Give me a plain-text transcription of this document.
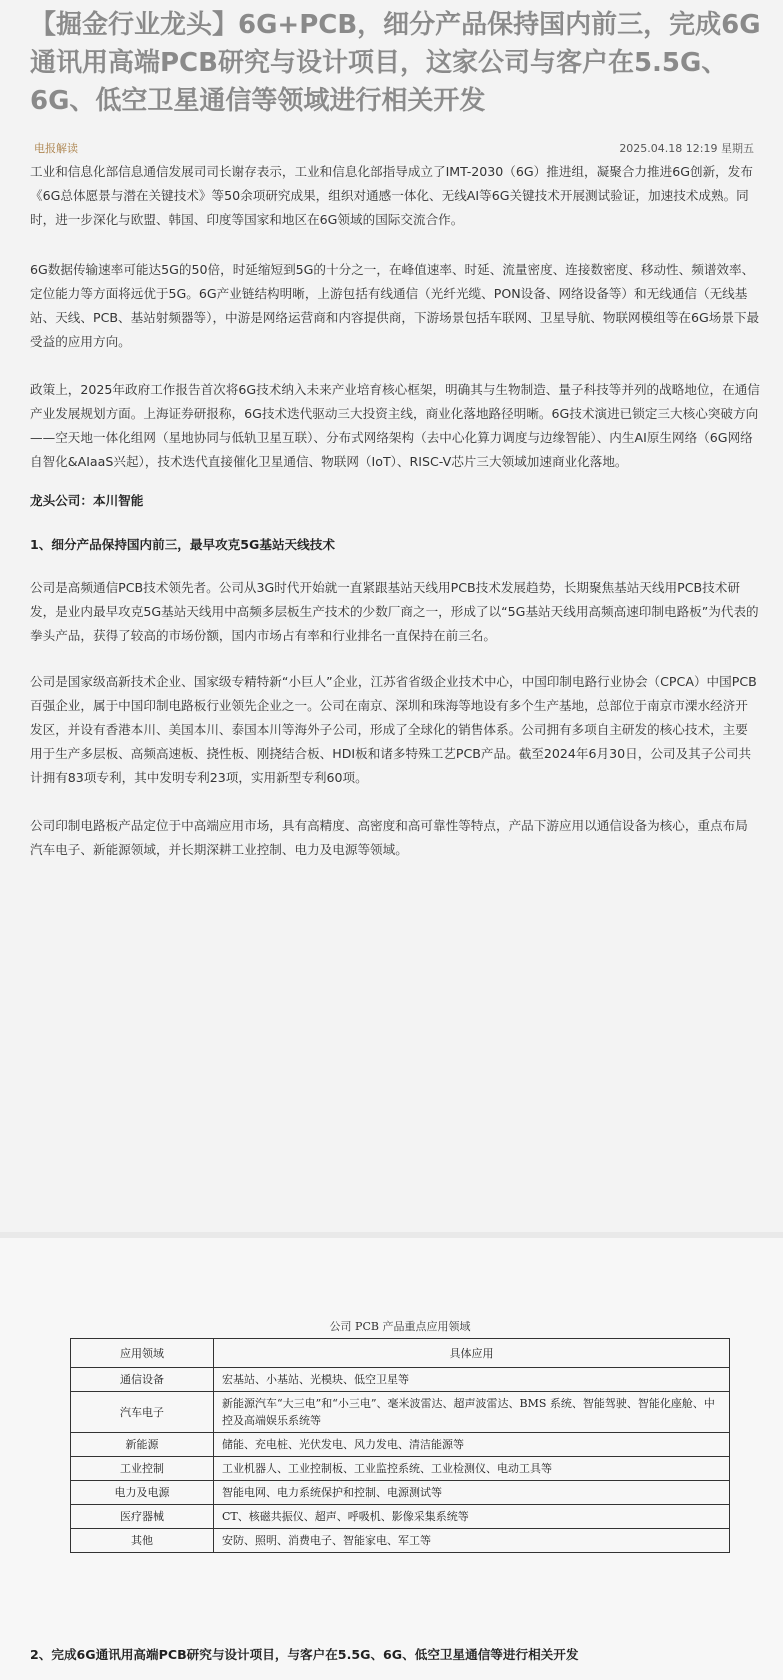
【掘金行业龙头】6G+PCB，细分产品保持国内前三，完成6G通讯用高端PCB研究与设计项目，这家公司与客户在5.5G、6G、低空卫星通信等领域进行相关开发
电报解读	2025.04.18 12:19 星期五

工业和信息化部信息通信发展司司长谢存表示，工业和信息化部指导成立了IMT-2030（6G）推进组，凝聚合力推进6G创新，发布《6G总体愿景与潜在关键技术》等50余项研究成果，组织对通感一体化、无线AI等6G关键技术开展测试验证，加速技术成熟。同时，进一步深化与欧盟、韩国、印度等国家和地区在6G领域的国际交流合作。

6G数据传输速率可能达5G的50倍，时延缩短到5G的十分之一，在峰值速率、时延、流量密度、连接数密度、移动性、频谱效率、定位能力等方面将远优于5G。6G产业链结构明晰，上游包括有线通信（光纤光缆、PON设备、网络设备等）和无线通信（无线基站、天线、PCB、基站射频器等），中游是网络运营商和内容提供商，下游场景包括车联网、卫星导航、物联网模组等在6G场景下最受益的应用方向。

政策上，2025年政府工作报告首次将6G技术纳入未来产业培育核心框架，明确其与生物制造、量子科技等并列的战略地位，在通信产业发展规划方面。上海证券研报称，6G技术迭代驱动三大投资主线，商业化落地路径明晰。6G技术演进已锁定三大核心突破方向——空天地一体化组网（星地协同与低轨卫星互联）、分布式网络架构（去中心化算力调度与边缘智能）、内生AI原生网络（6G网络自智化&AIaaS兴起），技术迭代直接催化卫星通信、物联网（IoT）、RISC-V芯片三大领域加速商业化落地。

龙头公司：本川智能

1、细分产品保持国内前三，最早攻克5G基站天线技术

公司是高频通信PCB技术领先者。公司从3G时代开始就一直紧跟基站天线用PCB技术发展趋势，长期聚焦基站天线用PCB技术研发，是业内最早攻克5G基站天线用中高频多层板生产技术的少数厂商之一，形成了以“5G基站天线用高频高速印制电路板”为代表的拳头产品，获得了较高的市场份额，国内市场占有率和行业排名一直保持在前三名。

公司是国家级高新技术企业、国家级专精特新“小巨人”企业，江苏省省级企业技术中心，中国印制电路行业协会（CPCA）中国PCB百强企业，属于中国印制电路板行业领先企业之一。公司在南京、深圳和珠海等地设有多个生产基地，总部位于南京市溧水经济开发区，并设有香港本川、美国本川、泰国本川等海外子公司，形成了全球化的销售体系。公司拥有多项自主研发的核心技术，主要用于生产多层板、高频高速板、挠性板、刚挠结合板、HDI板和诸多特殊工艺PCB产品。截至2024年6月30日，公司及其子公司共计拥有83项专利，其中发明专利23项，实用新型专利60项。

公司印制电路板产品定位于中高端应用市场，具有高精度、高密度和高可靠性等特点，产品下游应用以通信设备为核心，重点布局汽车电子、新能源领域，并长期深耕工业控制、电力及电源等领域。

公司 PCB 产品重点应用领域
应用领域	具体应用
通信设备	宏基站、小基站、光模块、低空卫星等
汽车电子	新能源汽车“大三电”和“小三电”、毫米波雷达、超声波雷达、BMS 系统、智能驾驶、智能化座舱、中控及高端娱乐系统等
新能源	储能、充电桩、光伏发电、风力发电、清洁能源等
工业控制	工业机器人、工业控制板、工业监控系统、工业检测仪、电动工具等
电力及电源	智能电网、电力系统保护和控制、电源测试等
医疗器械	CT、核磁共振仪、超声、呼吸机、影像采集系统等
其他	安防、照明、消费电子、智能家电、军工等

2、完成6G通讯用高端PCB研究与设计项目，与客户在5.5G、6G、低空卫星通信等进行相关开发
